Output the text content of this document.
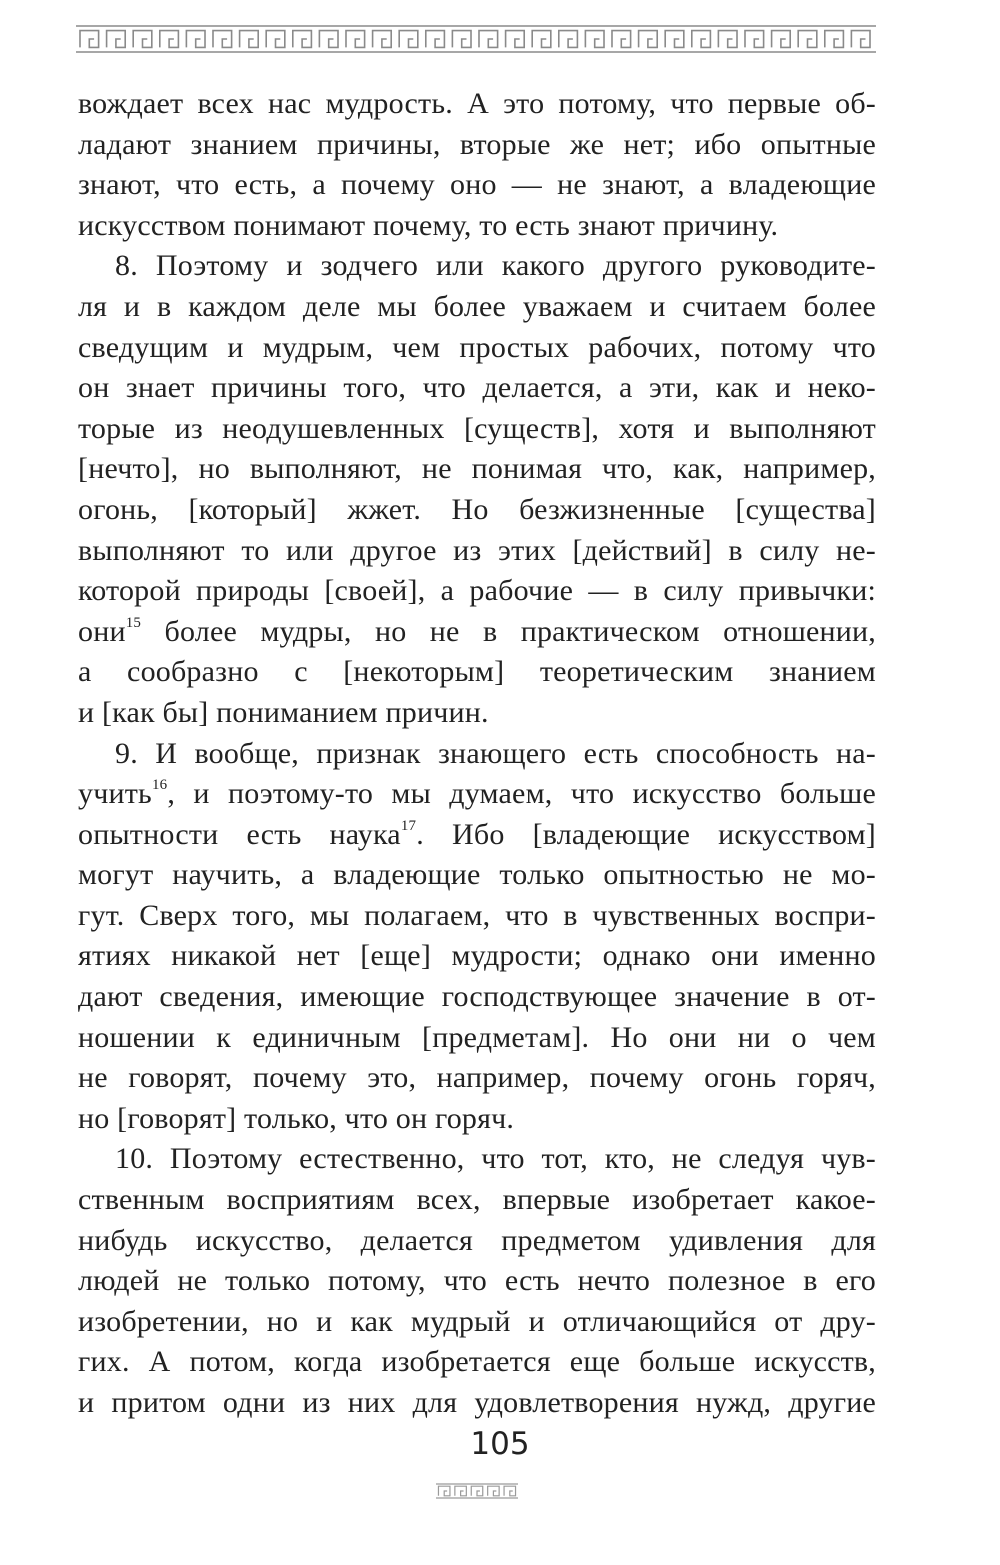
вождает всех нас мудрость. А это потому, что первые об-
ладают знанием причины, вторые же нет; ибо опытные
знают, что есть, а почему оно — не знают, а владеющие
искусством понимают почему, то есть знают причину.
8. Поэтому и зодчего или какого другого руководите-
ля и в каждом деле мы более уважаем и считаем более
сведущим и мудрым, чем простых рабочих, потому что
он знает причины того, что делается, а эти, как и неко-
торые из неодушевленных [существ], хотя и выполняют
[нечто], но выполняют, не понимая что, как, например,
огонь, [который] жжет. Но безжизненные [существа]
выполняют то или другое из этих [действий] в силу не-
которой природы [своей], а рабочие — в силу привычки:
они$^{15}$ более мудры, но не в практическом отношении,
а сообразно с [некоторым] теоретическим знанием
и [как бы] пониманием причин.
9. И вообще, признак знающего есть способность на-
учить$^{16}$, и поэтому-то мы думаем, что искусство больше
опытности есть наука$^{17}$. Ибо [владеющие искусством]
могут научить, а владеющие только опытностью не мо-
гут. Сверх того, мы полагаем, что в чувственных воспри-
ятиях никакой нет [еще] мудрости; однако они именно
дают сведения, имеющие господствующее значение в от-
ношении к единичным [предметам]. Но они ни о чем
не говорят, почему это, например, почему огонь горяч,
но [говорят] только, что он горяч.
10. Поэтому естественно, что тот, кто, не следуя чув-
ственным восприятиям всех, впервые изобретает какое-
нибудь искусство, делается предметом удивления для
людей не только потому, что есть нечто полезное в его
изобретении, но и как мудрый и отличающийся от дру-
гих. А потом, когда изобретается еще больше искусств,
и притом одни из них для удовлетворения нужд, другие
105
